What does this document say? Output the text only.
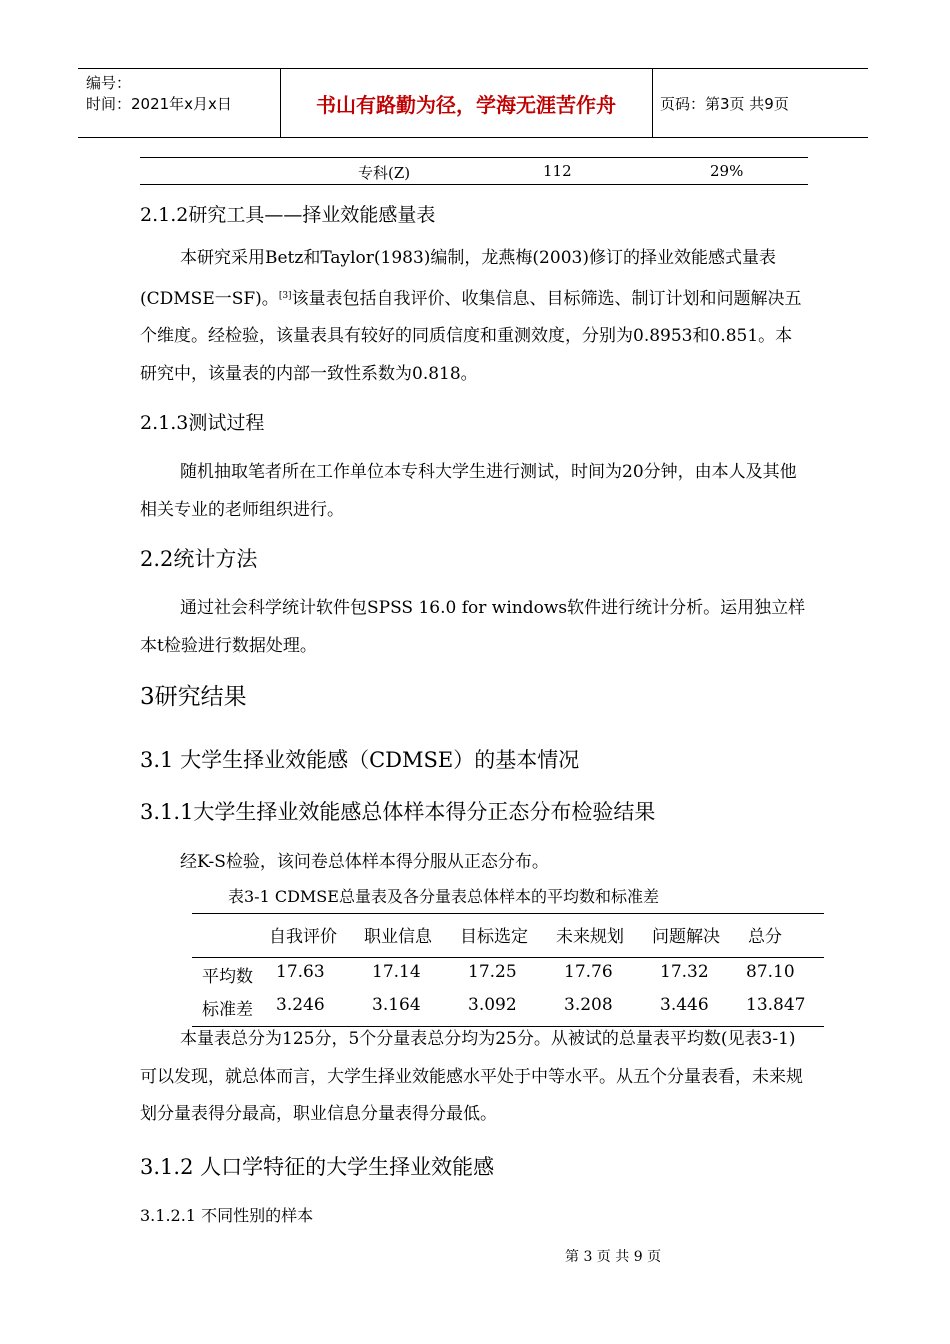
编号：
时间：2021年x月x日	书山有路勤为径，学海无涯苦作舟	页码：第3页 共9页
专科(Z)	112	29%
2.1.2研究工具——择业效能感量表
本研究采用Betz和Taylor(1983)编制，龙燕梅(2003)修订的择业效能感式量表(CDMSE一SF)。[3]该量表包括自我评价、收集信息、目标筛选、制订计划和问题解决五个维度。经检验，该量表具有较好的同质信度和重测效度，分别为0.8953和0.851。本研究中，该量表的内部一致性系数为0.818。
2.1.3测试过程
随机抽取笔者所在工作单位本专科大学生进行测试，时间为20分钟，由本人及其他相关专业的老师组织进行。
2.2统计方法
通过社会科学统计软件包SPSS 16.0 for windows软件进行统计分析。运用独立样本t检验进行数据处理。
3研究结果
3.1 大学生择业效能感（CDMSE）的基本情况
3.1.1大学生择业效能感总体样本得分正态分布检验结果
经K-S检验，该问卷总体样本得分服从正态分布。
表3-1 CDMSE总量表及各分量表总体样本的平均数和标准差
自我评价 职业信息 目标选定 未来规划 问题解决 总分
平均数 17.63	17.14	17.25	17.76	17.32 87.10
标准差 3.246	3.164	3.092	3.208	3.446 13.847
本量表总分为125分，5个分量表总分均为25分。从被试的总量表平均数(见表3-1)可以发现，就总体而言，大学生择业效能感水平处于中等水平。从五个分量表看，未来规划分量表得分最高，职业信息分量表得分最低。
3.1.2 人口学特征的大学生择业效能感
3.1.2.1 不同性别的样本
第 3 页 共 9 页
